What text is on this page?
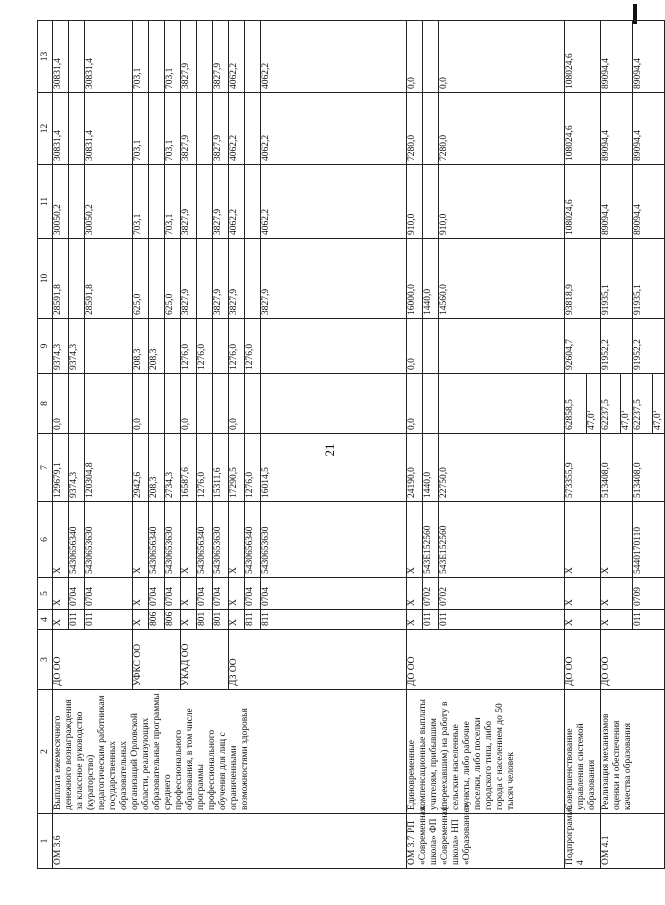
21
1	2	3	4	5	6	7	8	9	10	11	12	13
ОМ 3.6	Выплата ежемесячного денежного вознаграждения за классное руководство (кураторство) педагогическим работникам государственных образовательных организаций Орловской области, реализующих образовательные программы среднего профессионального образования, в том числе программы профессионального обучения для лиц с ограниченными возможностями здоровья	ДО ОО	Х	Х	Х	129679,1	0,0	9374,3	28591,8	30050,2	30831,4	30831,4
			011	0704	5430656340	9374,3		9374,3				
			011	0704	5430653630	120304,8			28591,8	30050,2	30831,4	30831,4
		УФКС ОО	Х	Х	Х	2942,6	0,0	208,3	625,0	703,1	703,1	703,1
			806	0704	5430656340	208,3		208,3				
			806	0704	5430653630	2734,3			625,0	703,1	703,1	703,1
		УКАД ОО	Х	Х	Х	16587,6	0,0	1276,0	3827,9	3827,9	3827,9	3827,9
			801	0704	5430656340	1276,0		1276,0				
			801	0704	5430653630	15311,6			3827,9	3827,9	3827,9	3827,9
		ДЗ ОО	Х	Х	Х	17290,5	0,0	1276,0	3827,9	4062,2	4062,2	4062,2
			811	0704	5430656340	1276,0		1276,0				
			811	0704	5430653630	16014,5			3827,9	4062,2	4062,2	4062,2
ОМ 3.7 РП «Современная школа» ФП «Современная школа» НП «Образование»	Единовременные компенсационные выплаты учителям, прибывшим (переехавшим) на работу в сельские населенные пункты, либо рабочие поселки, либо поселки городского типа, либо города с населением до 50 тысяч человек	ДО ОО	Х	Х	Х	24190,0	0,0	0,0	16000,0	910,0	7280,0	0,0
			011	0702	543Е152560	1440,0			1440,0			
			011	0702	543Е152560	22750,0			14560,0	910,0	7280,0	0,0
Подпрограмма 4	Совершенствование управления системой образования	ДО ОО	Х	Х	Х	573355,9	62858,5	92604,7	93818,9	108024,6	108024,6	108024,6
							47,0$^1$
ОМ 4.1	Реализация механизмов оценки и обеспечения качества образования	ДО ОО	Х	Х	Х	513408,0	62237,5	91952,2	91935,1	89094,4	89094,4	89094,4
							47,0$^1$
			011	0709	5440170110	513408,0	62237,5	91952,2	91935,1	89094,4	89094,4	89094,4
							47,0$^1$
